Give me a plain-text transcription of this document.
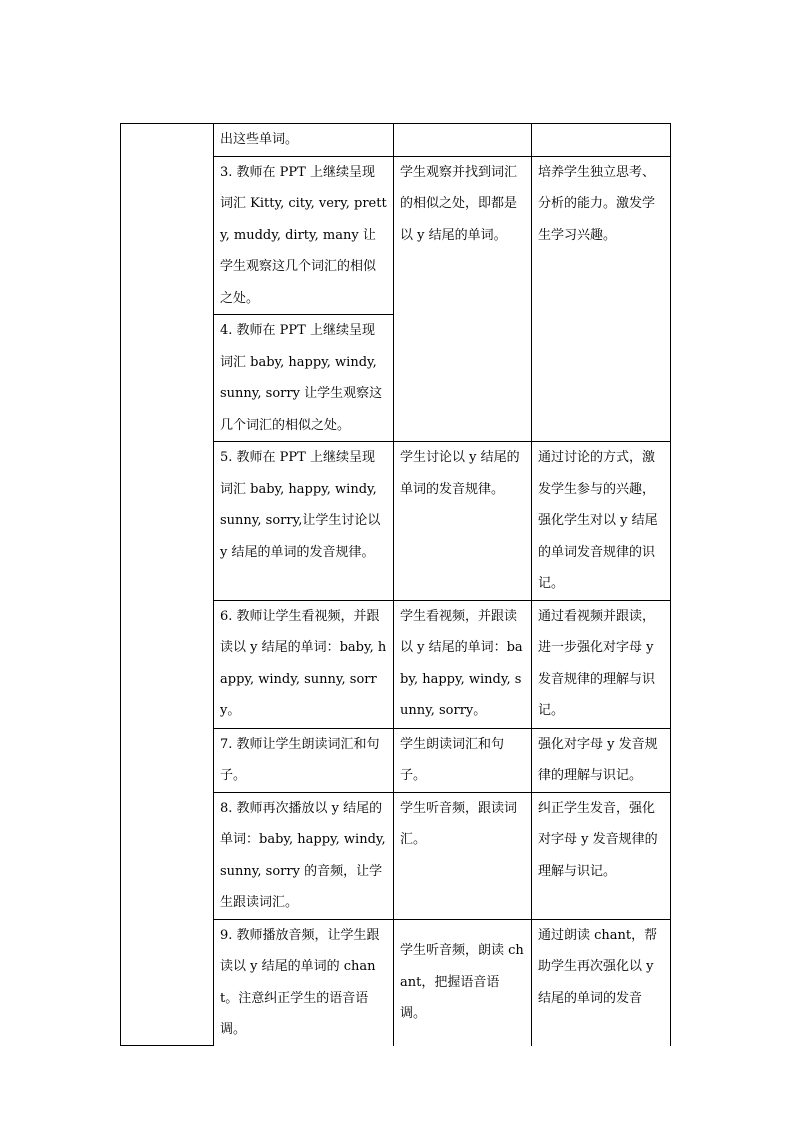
	出这些单词。		
	3. 教师在 PPT 上继续呈现词汇 Kitty, city, very, pretty, muddy, dirty, many 让学生观察这几个词汇的相似之处。	学生观察并找到词汇的相似之处，即都是以 y 结尾的单词。	培养学生独立思考、分析的能力。激发学生学习兴趣。
	4. 教师在 PPT 上继续呈现词汇 baby, happy, windy, sunny, sorry 让学生观察这几个词汇的相似之处。		
	5. 教师在 PPT 上继续呈现词汇 baby, happy, windy, sunny, sorry,让学生讨论以 y 结尾的单词的发音规律。	学生讨论以 y 结尾的单词的发音规律。	通过讨论的方式，激发学生参与的兴趣，强化学生对以 y 结尾的单词发音规律的识记。
	6. 教师让学生看视频，并跟读以 y 结尾的单词：baby, happy, windy, sunny, sorry。	学生看视频，并跟读以 y 结尾的单词：baby, happy, windy, sunny, sorry。	通过看视频并跟读，进一步强化对字母 y 发音规律的理解与识记。
	7. 教师让学生朗读词汇和句子。	学生朗读词汇和句子。	强化对字母 y 发音规律的理解与识记。
	8. 教师再次播放以 y 结尾的单词：baby, happy, windy, sunny, sorry 的音频，让学生跟读词汇。	学生听音频，跟读词汇。	纠正学生发音，强化对字母 y 发音规律的理解与识记。
	9. 教师播放音频，让学生跟读以 y 结尾的单词的 chant。注意纠正学生的语音语调。	学生听音频，朗读 chant，把握语音语调。	通过朗读 chant，帮助学生再次强化以 y 结尾的单词的发音
